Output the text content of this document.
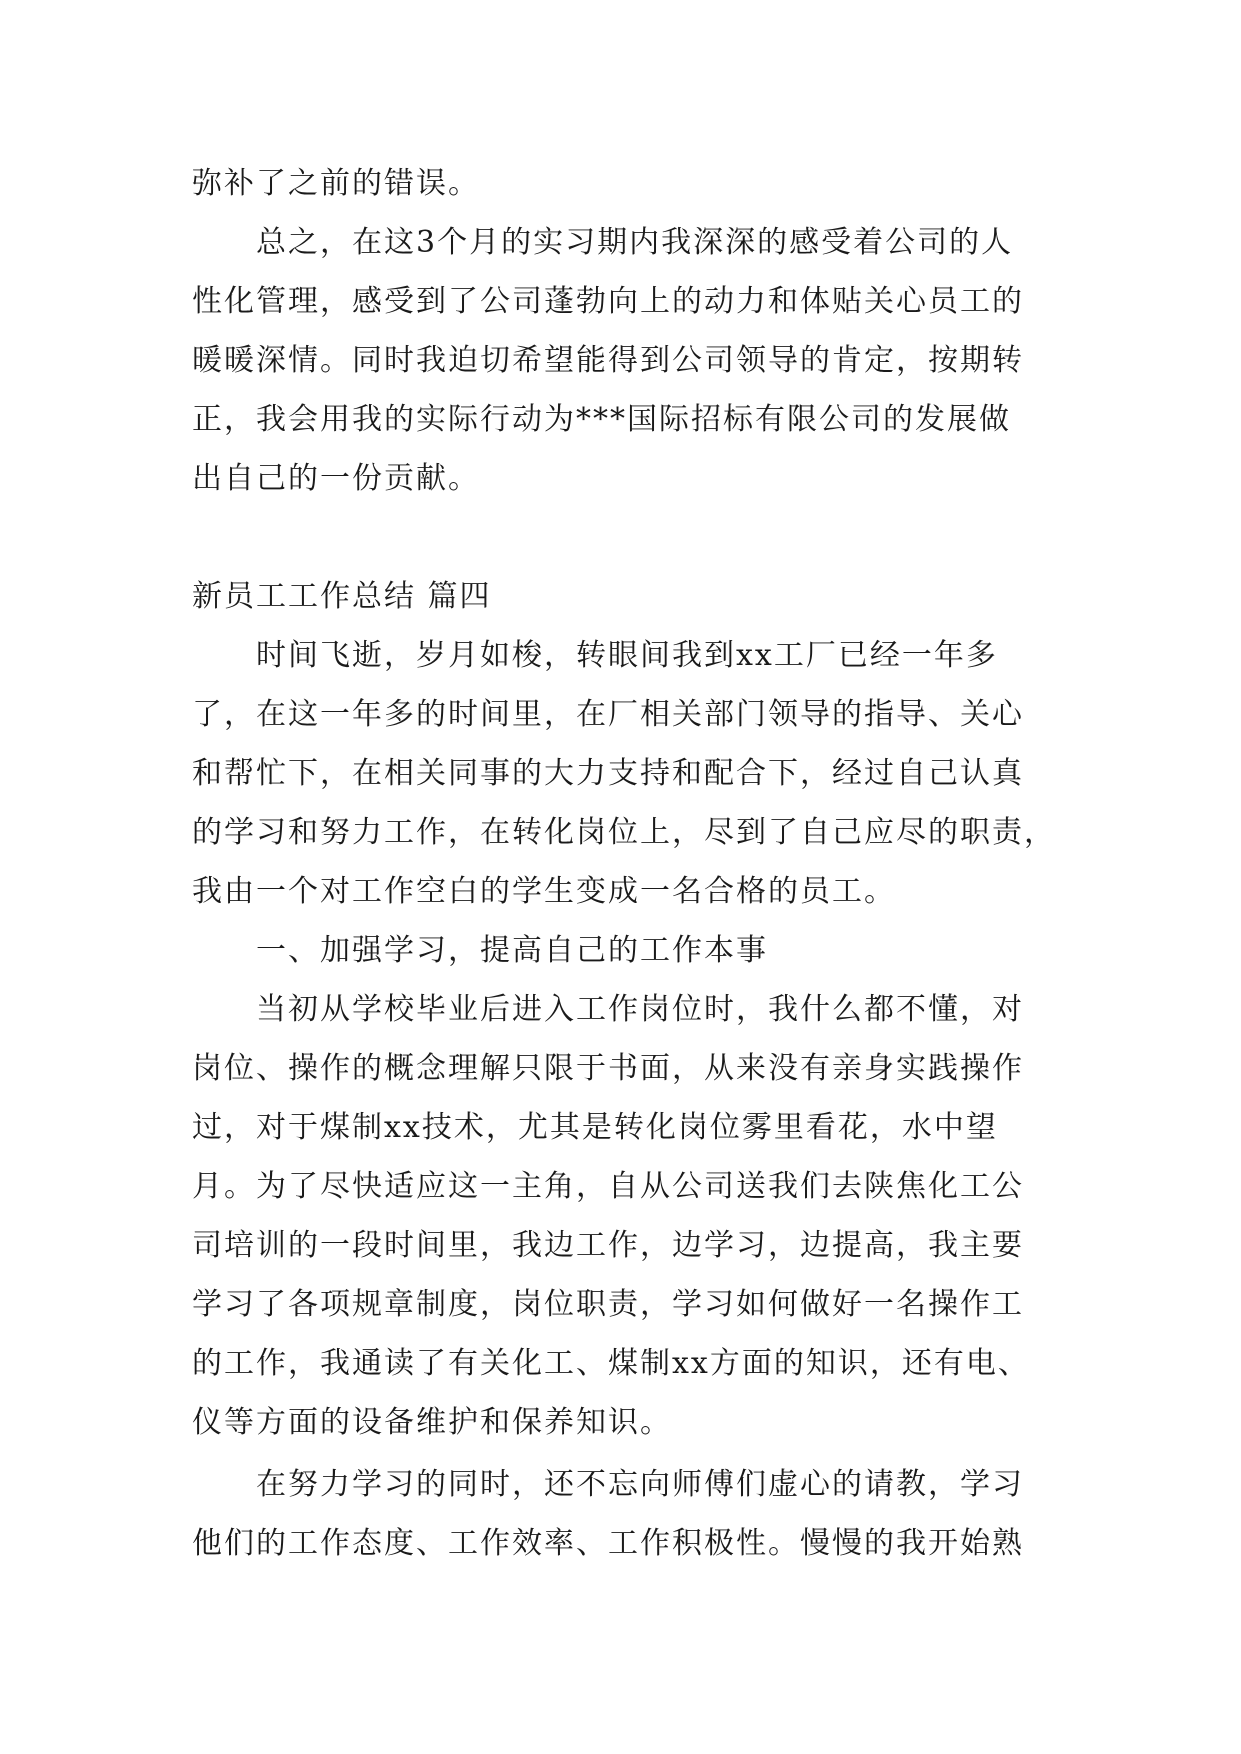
弥补了之前的错误。
总之，在这3个月的实习期内我深深的感受着公司的人
性化管理，感受到了公司蓬勃向上的动力和体贴关心员工的
暖暖深情。同时我迫切希望能得到公司领导的肯定，按期转
正，我会用我的实际行动为***国际招标有限公司的发展做
出自己的一份贡献。
新员工工作总结 篇四
时间飞逝，岁月如梭，转眼间我到xx工厂已经一年多
了，在这一年多的时间里，在厂相关部门领导的指导、关心
和帮忙下，在相关同事的大力支持和配合下，经过自己认真
的学习和努力工作，在转化岗位上，尽到了自己应尽的职责，
我由一个对工作空白的学生变成一名合格的员工。
一、加强学习，提高自己的工作本事
当初从学校毕业后进入工作岗位时，我什么都不懂，对
岗位、操作的概念理解只限于书面，从来没有亲身实践操作
过，对于煤制xx技术，尤其是转化岗位雾里看花，水中望
月。为了尽快适应这一主角，自从公司送我们去陕焦化工公
司培训的一段时间里，我边工作，边学习，边提高，我主要
学习了各项规章制度，岗位职责，学习如何做好一名操作工
的工作，我通读了有关化工、煤制xx方面的知识，还有电、
仪等方面的设备维护和保养知识。
在努力学习的同时，还不忘向师傅们虚心的请教，学习
他们的工作态度、工作效率、工作积极性。慢慢的我开始熟
